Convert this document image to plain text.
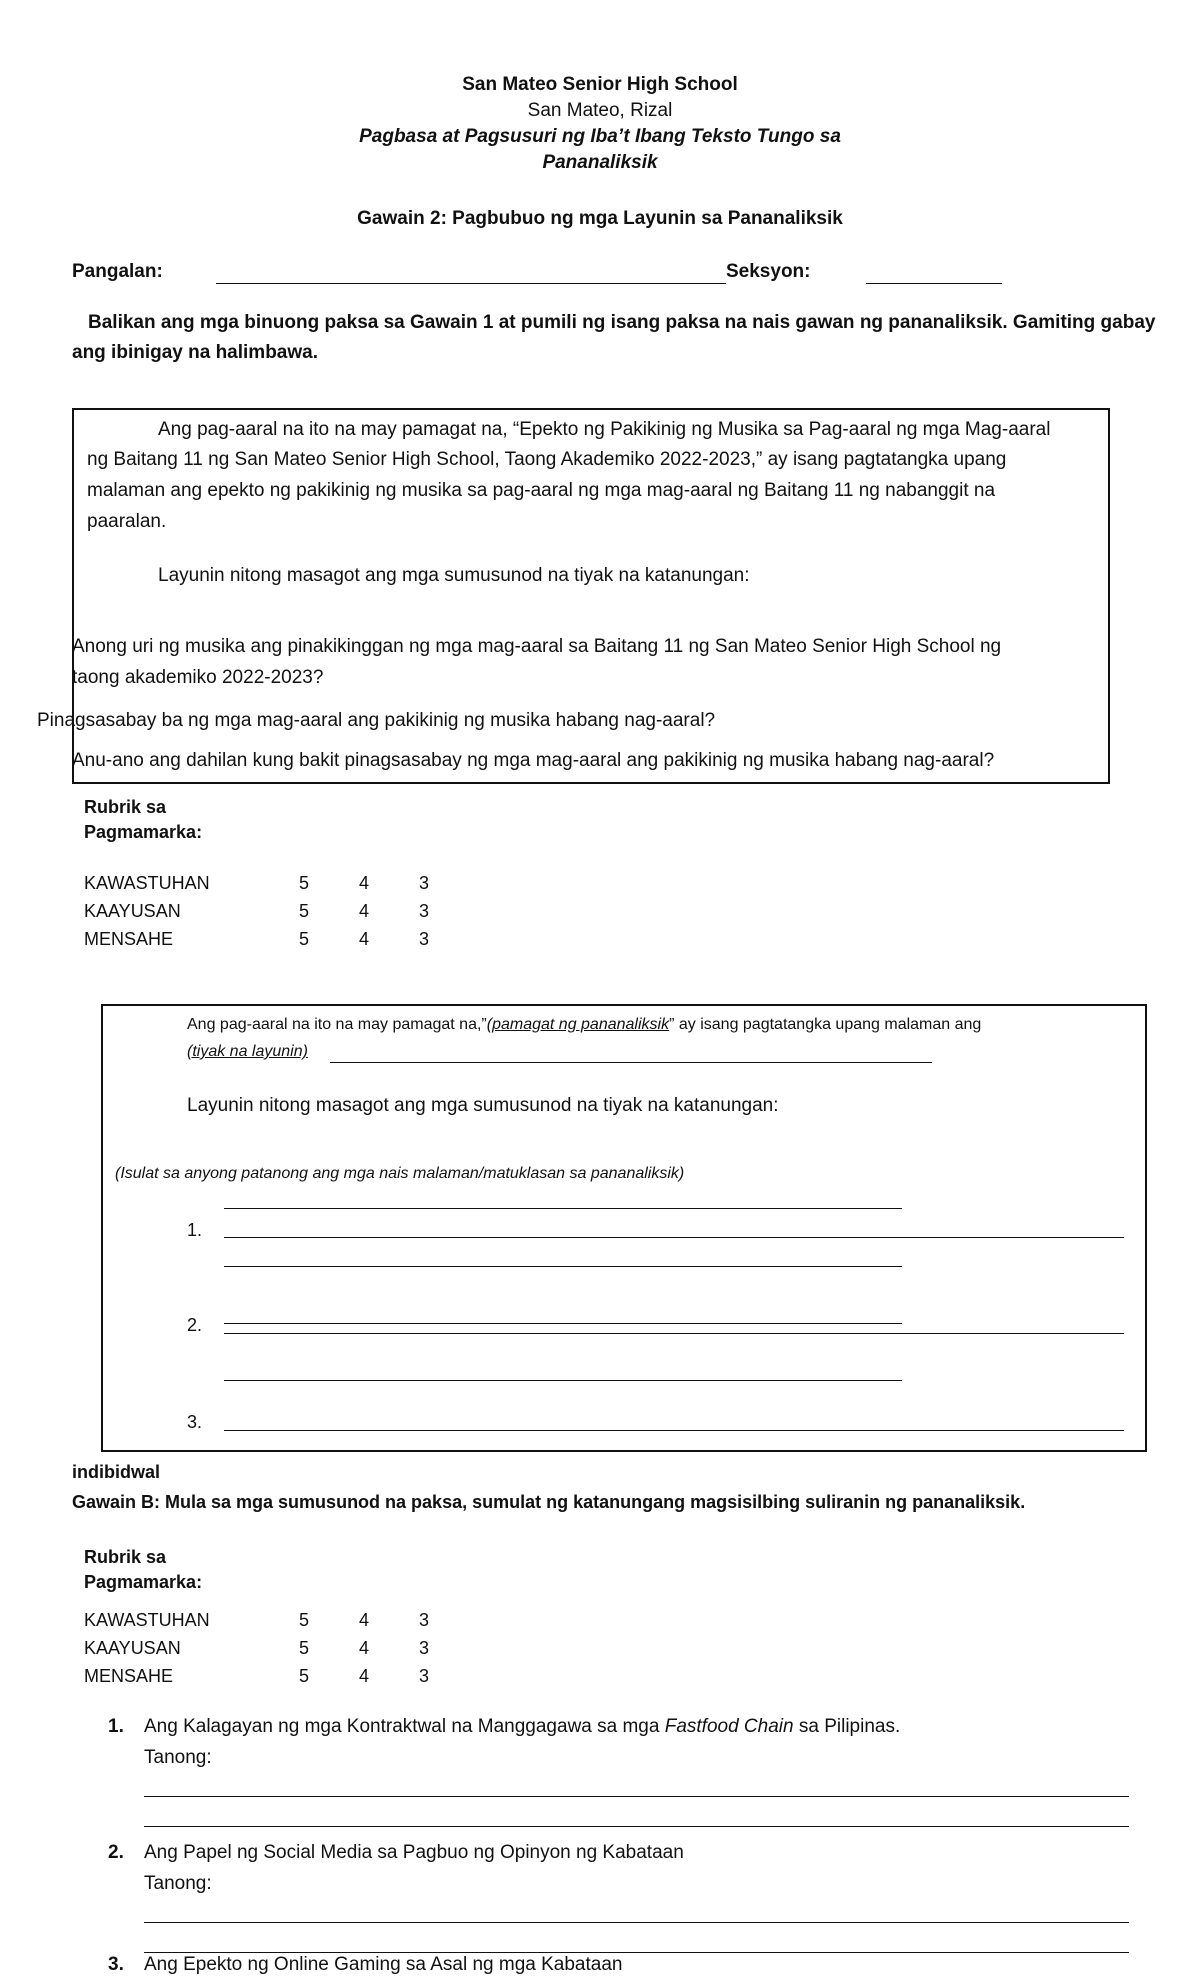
San Mateo Senior High School
San Mateo, Rizal
Pagbasa at Pagsusuri ng Iba’t Ibang Teksto Tungo sa
Pananaliksik
Gawain 2: Pagbubuo ng mga Layunin sa Pananaliksik
Pangalan:	Seksyon:
Balikan ang mga binuong paksa sa Gawain 1 at pumili ng isang paksa na nais gawan ng pananaliksik. Gamiting gabay
ang ibinigay na halimbawa.
Ang pag-aaral na ito na may pamagat na, “Epekto ng Pakikinig ng Musika sa Pag-aaral ng mga Mag-aaral
ng Baitang 11 ng San Mateo Senior High School, Taong Akademiko 2022-2023,” ay isang pagtatangka upang
malaman ang epekto ng pakikinig ng musika sa pag-aaral ng mga mag-aaral ng Baitang 11 ng nabanggit na
paaralan.
Layunin nitong masagot ang mga sumusunod na tiyak na katanungan:
Anong uri ng musika ang pinakikinggan ng mga mag-aaral sa Baitang 11 ng San Mateo Senior High School ng
taong akademiko 2022-2023?
Pinagsasabay ba ng mga mag-aaral ang pakikinig ng musika habang nag-aaral?
Anu-ano ang dahilan kung bakit pinagsasabay ng mga mag-aaral ang pakikinig ng musika habang nag-aaral?
Rubrik sa
Pagmamarka:
KAWASTUHAN	5	4	3
KAAYUSAN	5	4	3
MENSAHE	5	4	3
Ang pag-aaral na ito na may pamagat na,”(pamagat ng pananaliksik” ay isang pagtatangka upang malaman ang
(tiyak na layunin)
Layunin nitong masagot ang mga sumusunod na tiyak na katanungan:
(Isulat sa anyong patanong ang mga nais malaman/matuklasan sa pananaliksik)
1.
2.
3.
indibidwal
Gawain B: Mula sa mga sumusunod na paksa, sumulat ng katanungang magsisilbing suliranin ng pananaliksik.
Rubrik sa
Pagmamarka:
KAWASTUHAN	5	4	3
KAAYUSAN	5	4	3
MENSAHE	5	4	3
1. Ang Kalagayan ng mga Kontraktwal na Manggagawa sa mga Fastfood Chain sa Pilipinas.
Tanong:
2. Ang Papel ng Social Media sa Pagbuo ng Opinyon ng Kabataan
Tanong:
3. Ang Epekto ng Online Gaming sa Asal ng mga Kabataan
